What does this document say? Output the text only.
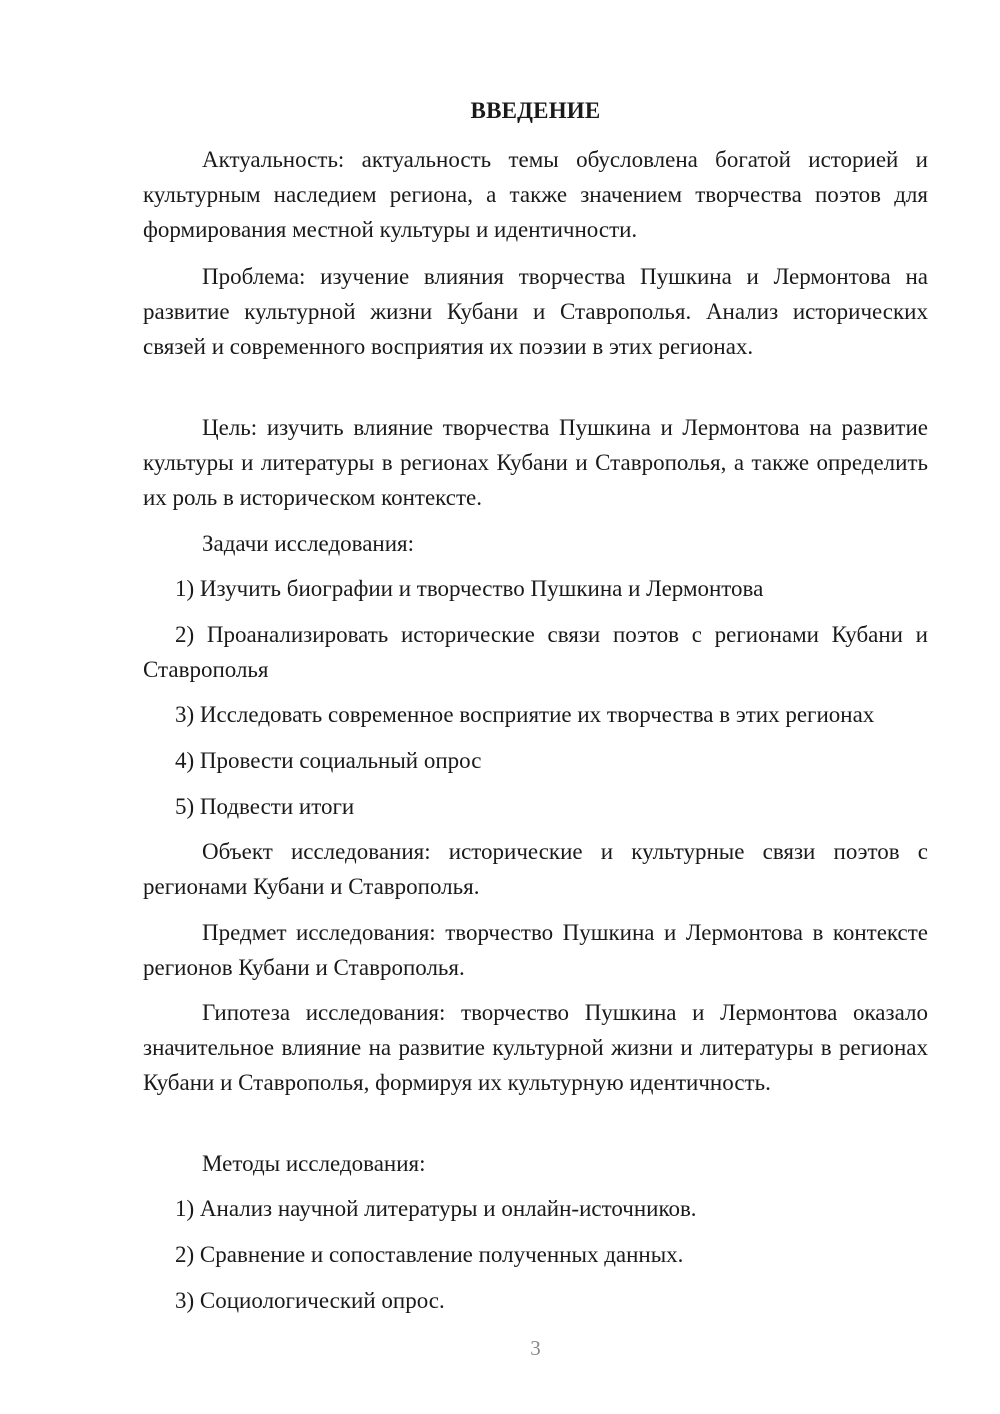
ВВЕДЕНИЕ

Актуальность: актуальность темы обусловлена богатой историей и культурным наследием региона, а также значением творчества поэтов для формирования местной культуры и идентичности.

Проблема: изучение влияния творчества Пушкина и Лермонтова на развитие культурной жизни Кубани и Ставрополья. Анализ исторических связей и современного восприятия их поэзии в этих регионах.

Цель: изучить влияние творчества Пушкина и Лермонтова на развитие культуры и литературы в регионах Кубани и Ставрополья, а также определить их роль в историческом контексте.

Задачи исследования:

1) Изучить биографии и творчество Пушкина и Лермонтова

2) Проанализировать исторические связи поэтов с регионами Кубани и Ставрополья

3) Исследовать современное восприятие их творчества в этих регионах

4) Провести социальный опрос

5) Подвести итоги

Объект исследования: исторические и культурные связи поэтов с регионами Кубани и Ставрополья.

Предмет исследования: творчество Пушкина и Лермонтова в контексте регионов Кубани и Ставрополья.

Гипотеза исследования: творчество Пушкина и Лермонтова оказало значительное влияние на развитие культурной жизни и литературы в регионах Кубани и Ставрополья, формируя их культурную идентичность.

Методы исследования:

1) Анализ научной литературы и онлайн-источников.

2) Сравнение и сопоставление полученных данных.

3) Социологический опрос.

3
